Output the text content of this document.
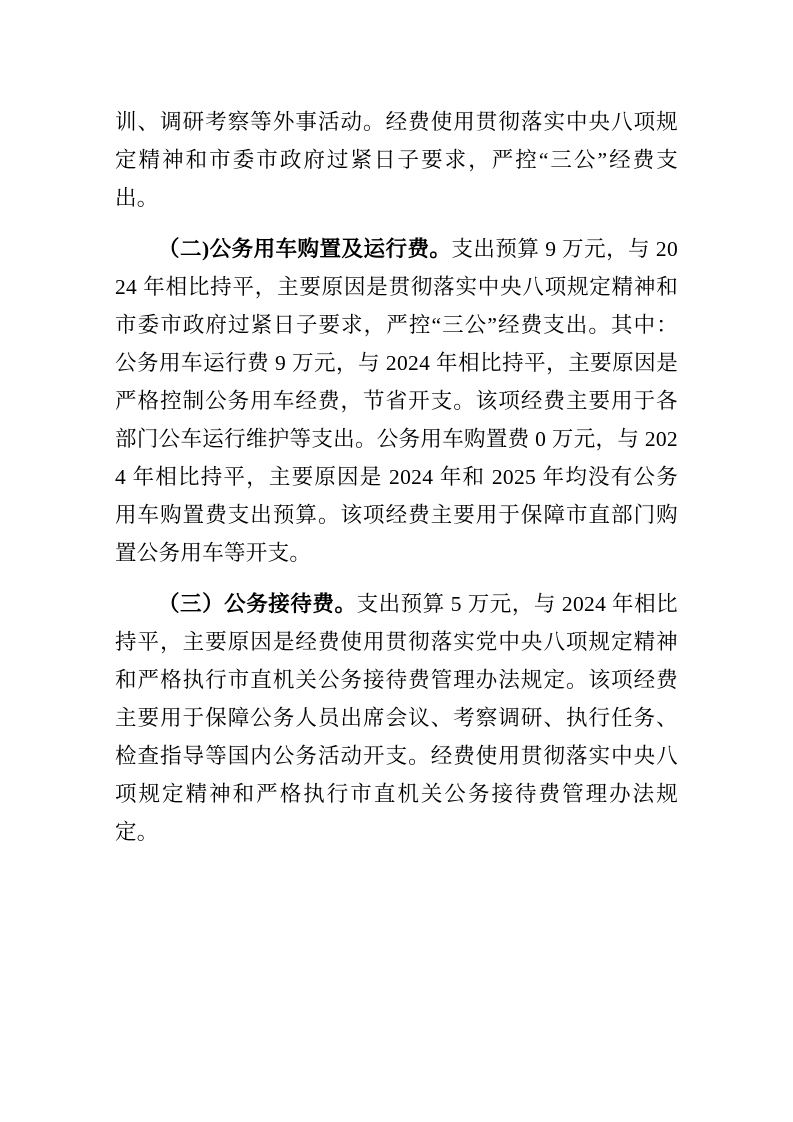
训、调研考察等外事活动。经费使用贯彻落实中央八项规定精神和市委市政府过紧日子要求，严控“三公”经费支出。

（二)公务用车购置及运行费。支出预算 9 万元，与 2024 年相比持平，主要原因是贯彻落实中央八项规定精神和市委市政府过紧日子要求，严控“三公”经费支出。其中：公务用车运行费 9 万元，与 2024 年相比持平，主要原因是严格控制公务用车经费，节省开支。该项经费主要用于各部门公车运行维护等支出。公务用车购置费 0 万元，与 2024 年相比持平，主要原因是 2024 年和 2025 年均没有公务用车购置费支出预算。该项经费主要用于保障市直部门购置公务用车等开支。

（三）公务接待费。支出预算 5 万元，与 2024 年相比持平，主要原因是经费使用贯彻落实党中央八项规定精神和严格执行市直机关公务接待费管理办法规定。该项经费主要用于保障公务人员出席会议、考察调研、执行任务、检查指导等国内公务活动开支。经费使用贯彻落实中央八项规定精神和严格执行市直机关公务接待费管理办法规定。
